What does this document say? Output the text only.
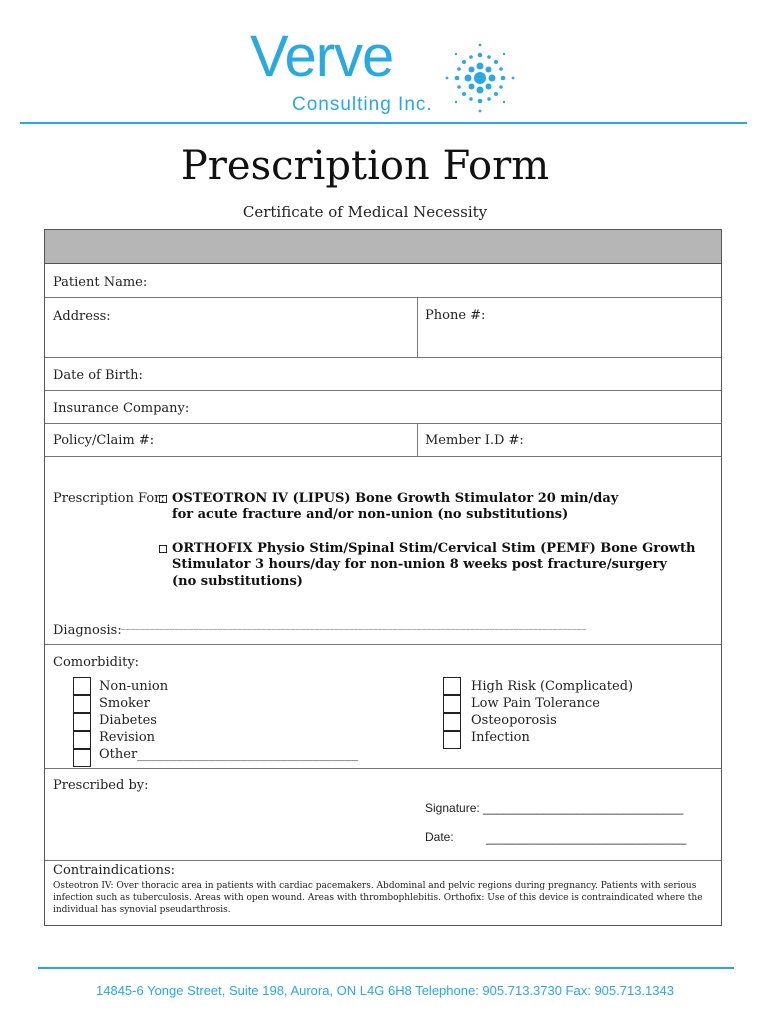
Verve
Consulting Inc.
Prescription Form
Certificate of Medical Necessity
Patient Name:
Address:	Phone #:
Date of Birth:
Insurance Company:
Policy/Claim #:	Member I.D #:
Prescription For: OSTEOTRON IV (LIPUS) Bone Growth Stimulator 20 min/day
for acute fracture and/or non-union (no substitutions)
ORTHOFIX Physio Stim/Spinal Stim/Cervical Stim (PEMF) Bone Growth
Stimulator 3 hours/day for non-union 8 weeks post fracture/surgery
(no substitutions)
Diagnosis: ________________________________________________________________________________________________
Comorbidity:
Non-union
Smoker
Diabetes
Revision
Other__________________________________
High Risk (Complicated)
Low Pain Tolerance
Osteoporosis
Infection
Prescribed by:
Signature: ______________________________
Date:	______________________________
Contraindications:
Osteotron IV: Over thoracic area in patients with cardiac pacemakers. Abdominal and pelvic regions during pregnancy. Patients with serious infection such as tuberculosis. Areas with open wound. Areas with thrombophlebitis. Orthofix: Use of this device is contraindicated where the individual has synovial pseudarthrosis.
14845-6 Yonge Street, Suite 198, Aurora, ON L4G 6H8 Telephone: 905.713.3730 Fax: 905.713.1343
